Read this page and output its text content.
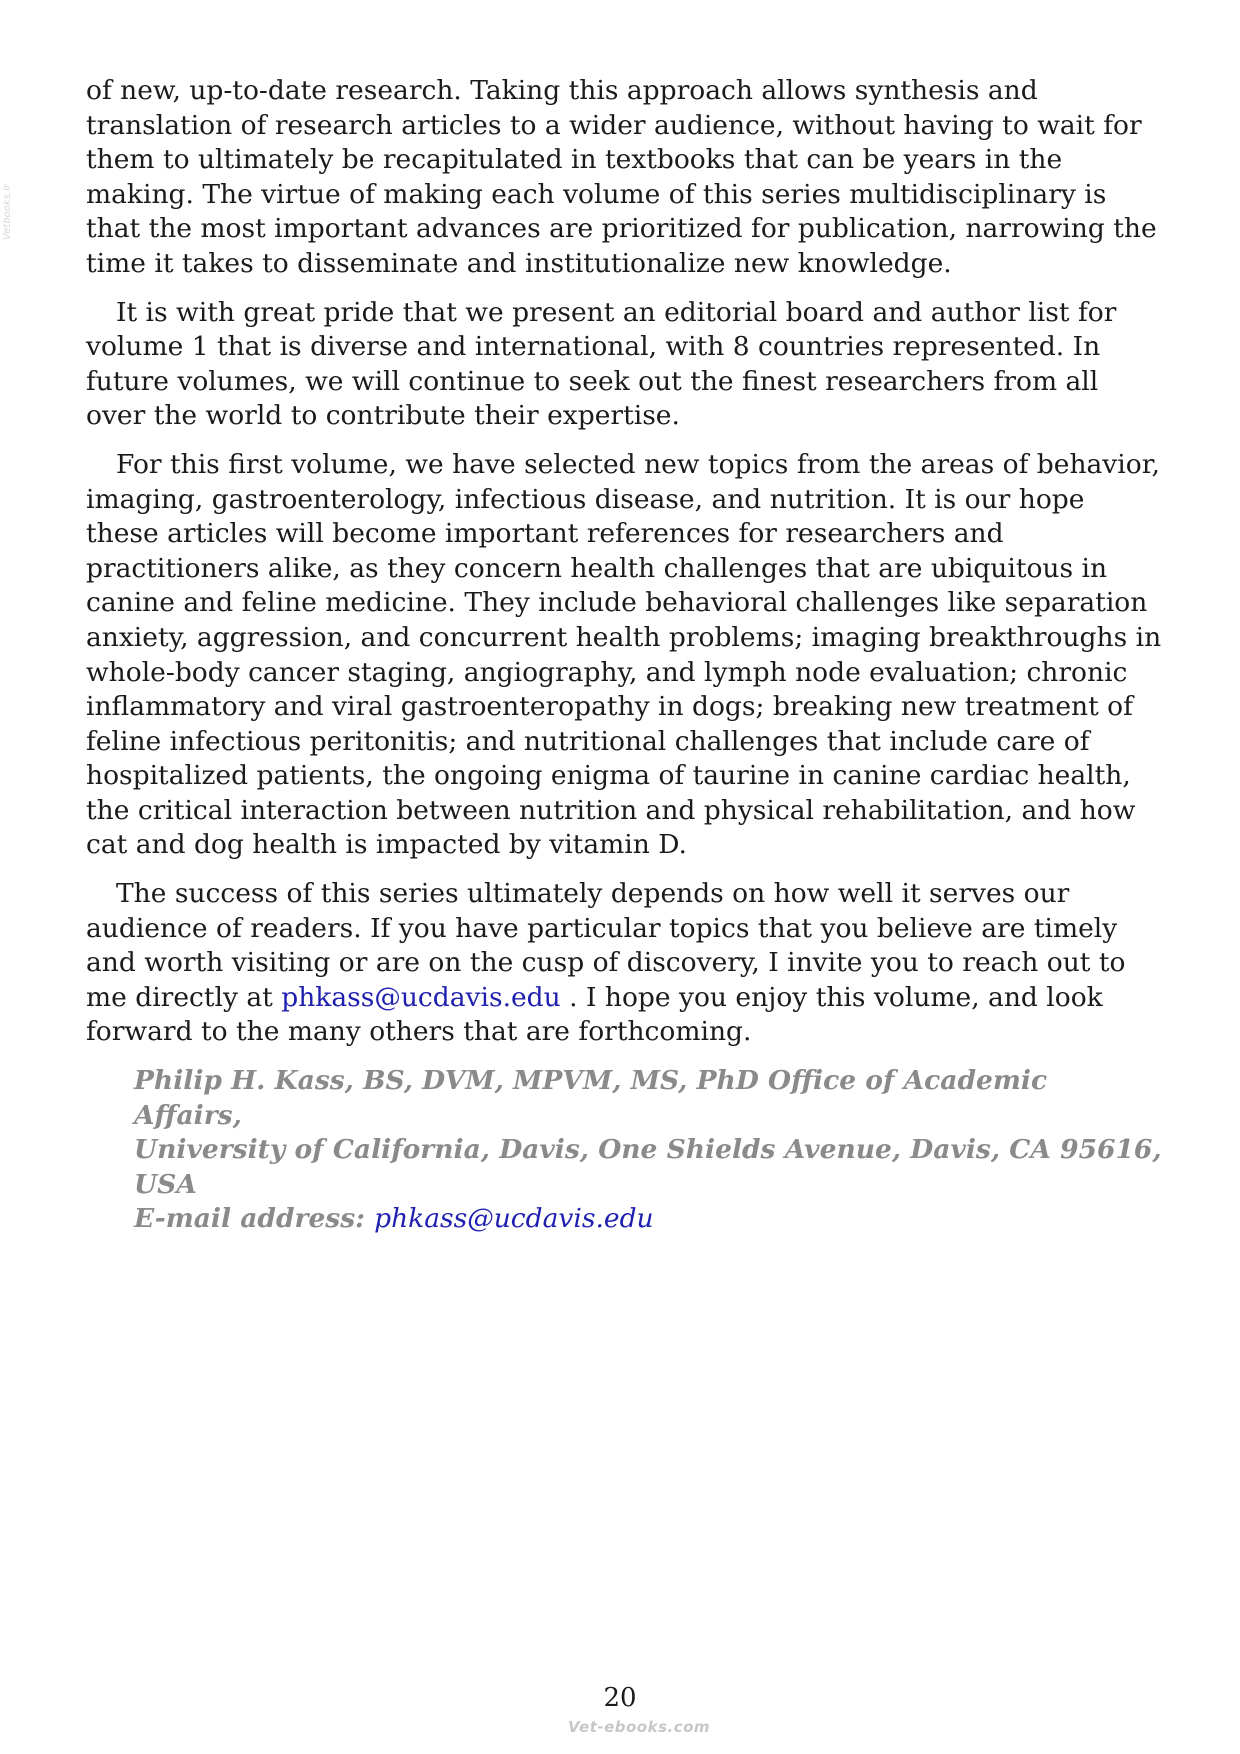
Vetbooks.ir

of new, up-to-date research. Taking this approach allows synthesis and translation of research articles to a wider audience, without having to wait for them to ultimately be recapitulated in textbooks that can be years in the making. The virtue of making each volume of this series multidisciplinary is that the most important advances are prioritized for publication, narrowing the time it takes to disseminate and institutionalize new knowledge.

It is with great pride that we present an editorial board and author list for volume 1 that is diverse and international, with 8 countries represented. In future volumes, we will continue to seek out the finest researchers from all over the world to contribute their expertise.

For this first volume, we have selected new topics from the areas of behavior, imaging, gastroenterology, infectious disease, and nutrition. It is our hope these articles will become important references for researchers and practitioners alike, as they concern health challenges that are ubiquitous in canine and feline medicine. They include behavioral challenges like separation anxiety, aggression, and concurrent health problems; imaging breakthroughs in whole-body cancer staging, angiography, and lymph node evaluation; chronic inflammatory and viral gastroenteropathy in dogs; breaking new treatment of feline infectious peritonitis; and nutritional challenges that include care of hospitalized patients, the ongoing enigma of taurine in canine cardiac health, the critical interaction between nutrition and physical rehabilitation, and how cat and dog health is impacted by vitamin D.

The success of this series ultimately depends on how well it serves our audience of readers. If you have particular topics that you believe are timely and worth visiting or are on the cusp of discovery, I invite you to reach out to me directly at phkass@ucdavis.edu . I hope you enjoy this volume, and look forward to the many others that are forthcoming.

Philip H. Kass, BS, DVM, MPVM, MS, PhD Office of Academic Affairs,
University of California, Davis, One Shields Avenue, Davis, CA 95616, USA
E-mail address: phkass@ucdavis.edu

20
Vet-ebooks.com
